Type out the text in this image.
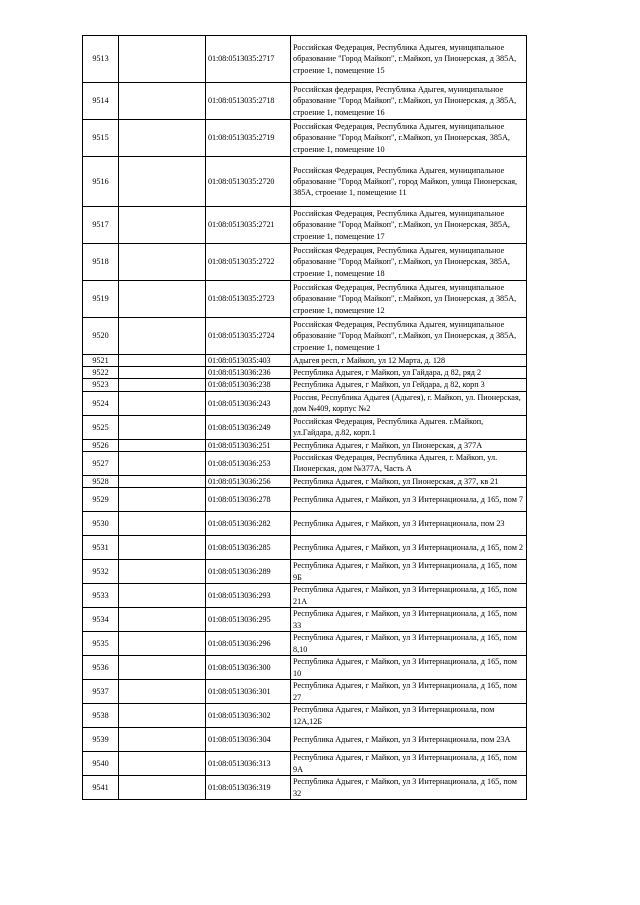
9513		01:08:0513035:2717	Российская Федерация, Республика Адыгея, муниципальное образование "Город Майкоп", г.Майкоп, ул Пионерская, д 385А, строение 1, помещение 15
9514		01:08:0513035:2718	Российская федерация, Республика Адыгея, муниципальное образование "Город Майкоп", г.Майкоп, ул Пионерская, д 385А, строение 1, помещение 16
9515		01:08:0513035:2719	Российская Федерация, Республика Адыгея, муниципальное образование "Город Майкоп", г.Майкоп, ул Пионерская, 385А, строение 1, помещение 10
9516		01:08:0513035:2720	Российская Федерация, Республика Адыгея, муниципальное образование "Город Майкоп", город Майкоп, улица Пионерская, 385А, строение 1, помещение 11
9517		01:08:0513035:2721	Российская Федерация, Республика Адыгея, муниципальное образование "Город Майкоп", г.Майкоп, ул Пионерская, 385А, строение 1, помещение 17
9518		01:08:0513035:2722	Российская Федерация, Республика Адыгея, муниципальное образование "Город Майкоп", г.Майкоп, ул Пионерская, 385А, строение 1, помещение 18
9519		01:08:0513035:2723	Российская Федерация, Республика Адыгея, муниципальное образование "Город Майкоп", г.Майкоп, ул Пионерская, д 385А, строение 1, помещение 12
9520		01:08:0513035:2724	Российская Федерация, Республика Адыгея, муниципальное образование "Город Майкоп", г.Майкоп, ул Пионерская, д 385А, строение 1, помещение 1
9521		01:08:0513035:403	Адыгея респ, г Майкоп, ул 12 Марта, д. 128
9522		01:08:0513036:236	Республика Адыгея, г Майкоп, ул Гайдара, д 82, ряд 2
9523		01:08:0513036:238	Республика Адыгея, г Майкоп, ул Гейдара, д 82, корп 3
9524		01:08:0513036:243	Россия, Республика Адыгея (Адыгея), г. Майкоп, ул. Пионерская, дом №409, корпус №2
9525		01:08:0513036:249	Российская Федерация, Республика Адыгея. г.Майкоп, ул.Гайдара, д.82, корп.1
9526		01:08:0513036:251	Республика Адыгея, г Майкоп, ул Пионерская, д 377А
9527		01:08:0513036:253	Российская Федерация, Республика Адыгея, г. Майкоп, ул. Пионерская, дом №377А, Часть А
9528		01:08:0513036:256	Республика Адыгея, г Майкоп, ул Пионерская, д 377, кв 21
9529		01:08:0513036:278	Республика Адыгея, г Майкоп, ул 3 Интернационала, д 165, пом 7
9530		01:08:0513036:282	Республика Адыгея, г Майкоп, ул 3 Интернационала, пом 23
9531		01:08:0513036:285	Республика Адыгея, г Майкоп, ул 3 Интернационала, д 165, пом 2
9532		01:08:0513036:289	Республика Адыгея, г Майкоп, ул 3 Интернационала, д 165, пом 9Б
9533		01:08:0513036:293	Республика Адыгея, г Майкоп, ул 3 Интернационала, д 165, пом 21А
9534		01:08:0513036:295	Республика Адыгея, г Майкоп, ул 3 Интернационала, д 165, пом 33
9535		01:08:0513036:296	Республика Адыгея, г Майкоп, ул 3 Интернационала, д 165, пом 8,10
9536		01:08:0513036:300	Республика Адыгея, г Майкоп, ул 3 Интернационала, д 165, пом 10
9537		01:08:0513036:301	Республика Адыгея, г Майкоп, ул 3 Интернационала, д 165, пом 27
9538		01:08:0513036:302	Республика Адыгея, г Майкоп, ул 3 Интернационала, пом 12А,12Б
9539		01:08:0513036:304	Республика Адыгея, г Майкоп, ул 3 Интернационала, пом 23А
9540		01:08:0513036:313	Республика Адыгея, г Майкоп, ул 3 Интернационала, д 165, пом 9А
9541		01:08:0513036:319	Республика Адыгея, г Майкоп, ул 3 Интернационала, д 165, пом 32
